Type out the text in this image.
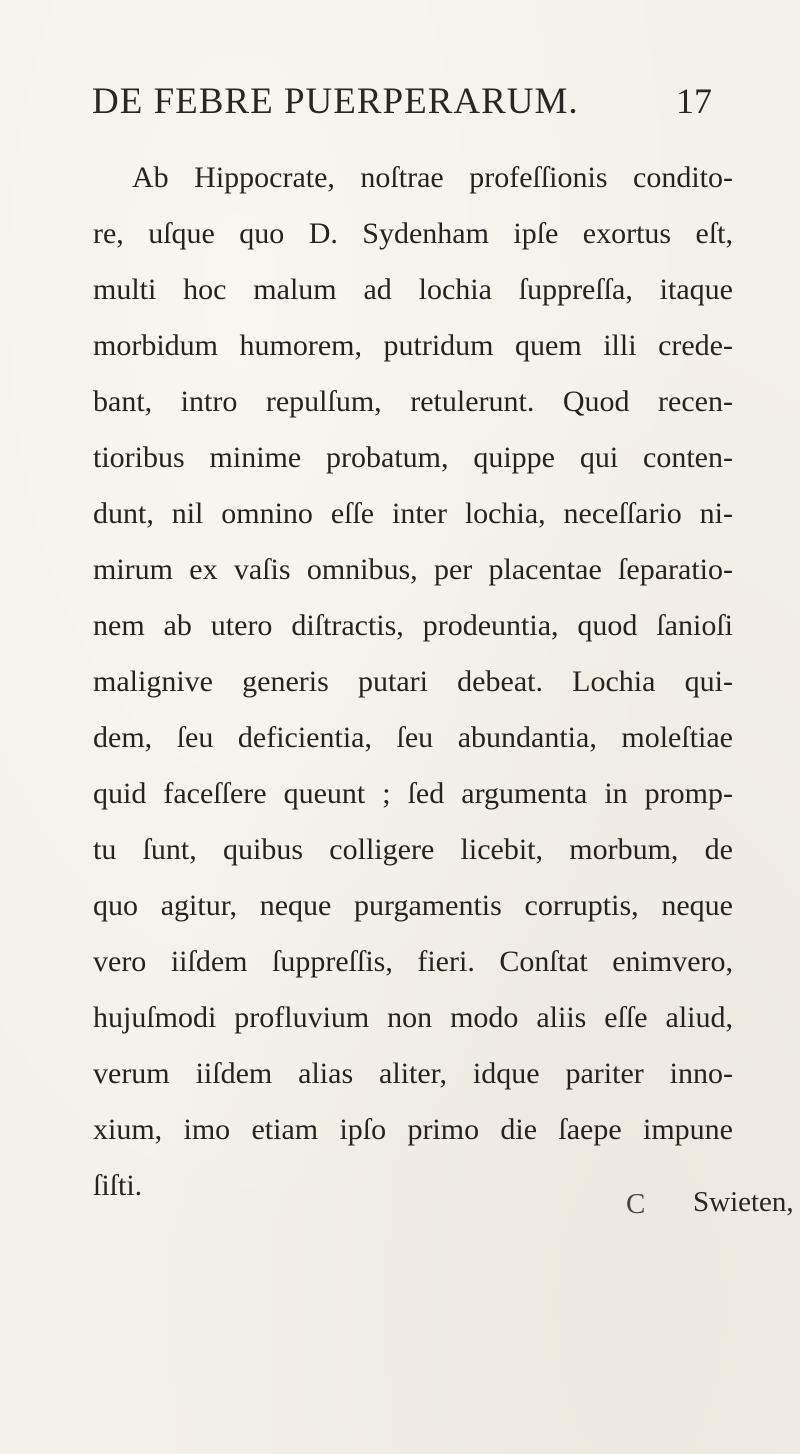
DE FEBRE PUERPERARUM.	17
Ab Hippocrate, noſtrae profeſſionis condito-
re, uſque quo D. Sydenham ipſe exortus eſt,
multi hoc malum ad lochia ſuppreſſa, itaque
morbidum humorem, putridum quem illi crede-
bant, intro repulſum, retulerunt. Quod recen-
tioribus minime probatum, quippe qui conten-
dunt, nil omnino eſſe inter lochia, neceſſario ni-
mirum ex vaſis omnibus, per placentae ſeparatio-
nem ab utero diſtractis, prodeuntia, quod ſanioſi
malignive generis putari debeat. Lochia qui-
dem, ſeu deficientia, ſeu abundantia, moleſtiae
quid faceſſere queunt ; ſed argumenta in promp-
tu ſunt, quibus colligere licebit, morbum, de
quo agitur, neque purgamentis corruptis, neque
vero iiſdem ſuppreſſis, fieri. Conſtat enimvero,
hujuſmodi profluvium non modo aliis eſſe aliud,
verum iiſdem alias aliter, idque pariter inno-
xium, imo etiam ipſo primo die ſaepe impune
ſiſti.
C Swieten,
